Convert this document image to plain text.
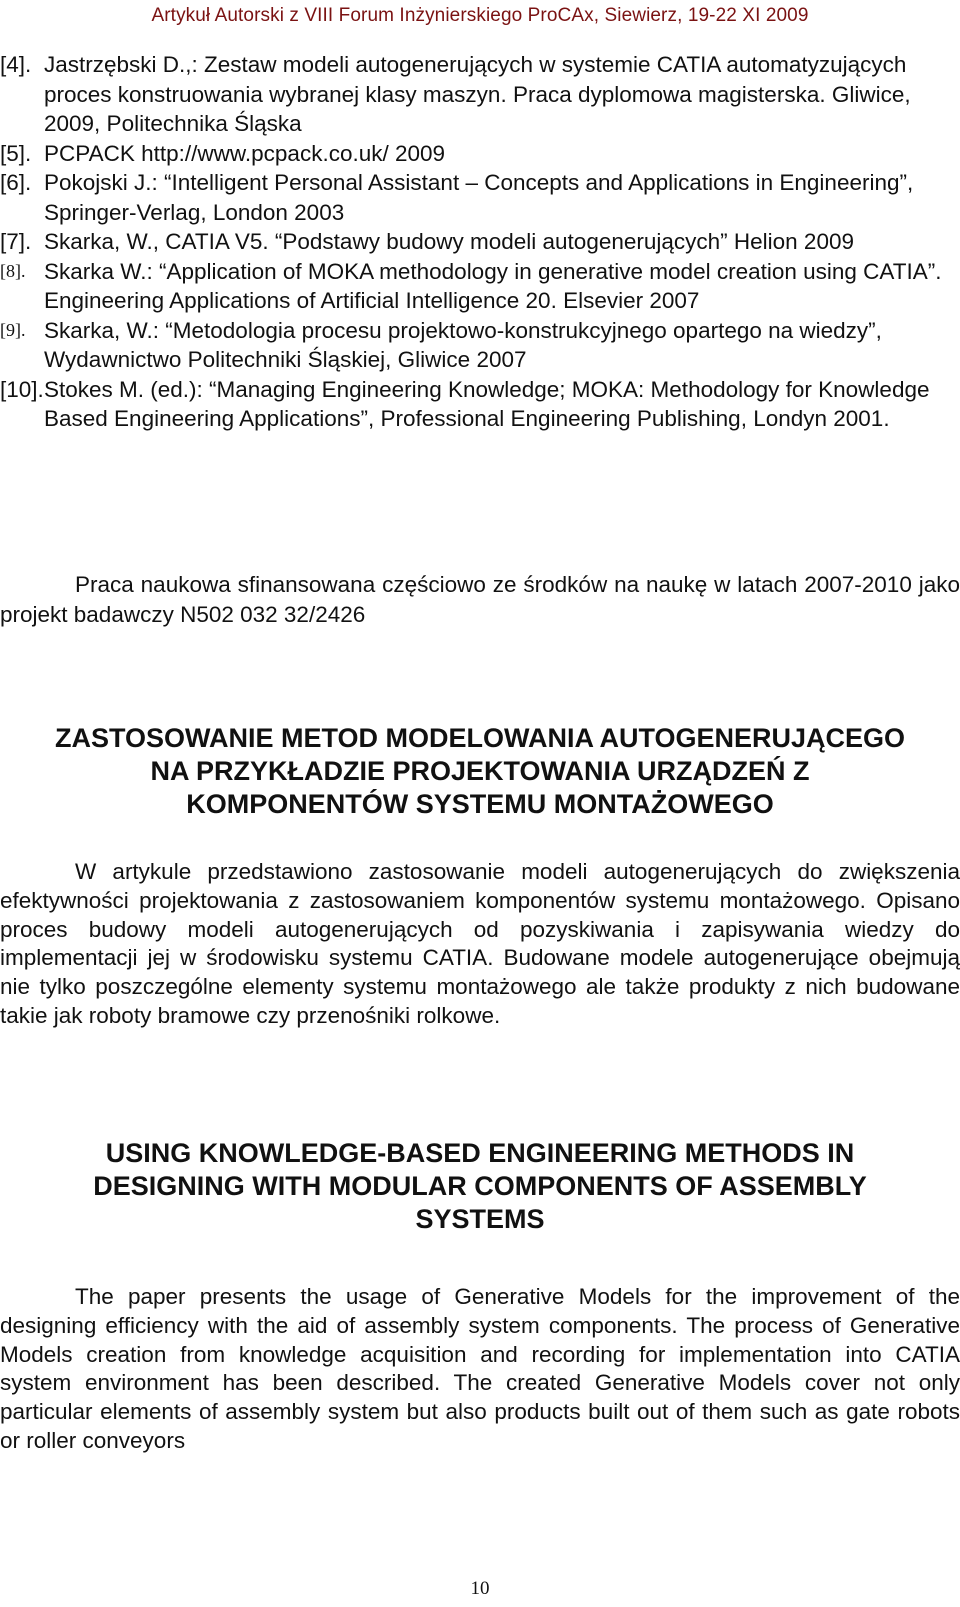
Artykuł Autorski z VIII Forum Inżynierskiego ProCAx, Siewierz, 19-22 XI 2009
[4]. Jastrzębski D.,: Zestaw modeli autogenerujących w systemie CATIA automatyzujących proces konstruowania wybranej klasy maszyn. Praca dyplomowa magisterska. Gliwice, 2009, Politechnika Śląska
[5]. PCPACK http://www.pcpack.co.uk/ 2009
[6]. Pokojski J.: “Intelligent Personal Assistant – Concepts and Applications in Engineering”, Springer-Verlag, London 2003
[7]. Skarka, W., CATIA V5. “Podstawy budowy modeli autogenerujących” Helion 2009
[8]. Skarka W.: “Application of MOKA methodology in generative model creation using CATIA”. Engineering Applications of Artificial Intelligence 20. Elsevier 2007
[9]. Skarka, W.: “Metodologia procesu projektowo-konstrukcyjnego opartego na wiedzy”, Wydawnictwo Politechniki Śląskiej, Gliwice 2007
[10]. Stokes M. (ed.): “Managing Engineering Knowledge; MOKA: Methodology for Knowledge Based Engineering Applications”, Professional Engineering Publishing, Londyn 2001.
Praca naukowa sfinansowana częściowo ze środków na naukę w latach 2007-2010 jako projekt badawczy N502 032 32/2426
ZASTOSOWANIE METOD MODELOWANIA AUTOGENERUJĄCEGO
NA PRZYKŁADZIE PROJEKTOWANIA URZĄDZEŃ Z
KOMPONENTÓW SYSTEMU MONTAŻOWEGO
W artykule przedstawiono zastosowanie modeli autogenerujących do zwiększenia efektywności projektowania z zastosowaniem komponentów systemu montażowego. Opisano proces budowy modeli autogenerujących od pozyskiwania i zapisywania wiedzy do implementacji jej w środowisku systemu CATIA. Budowane modele autogenerujące obejmują nie tylko poszczególne elementy systemu montażowego ale także produkty z nich budowane takie jak roboty bramowe czy przenośniki rolkowe.
USING KNOWLEDGE-BASED ENGINEERING METHODS IN
DESIGNING WITH MODULAR COMPONENTS OF ASSEMBLY
SYSTEMS
The paper presents the usage of Generative Models for the improvement of the designing efficiency with the aid of assembly system components. The process of Generative Models creation from knowledge acquisition and recording for implementation into CATIA system environment has been described. The created Generative Models cover not only particular elements of assembly system but also products built out of them such as gate robots or roller conveyors
10
